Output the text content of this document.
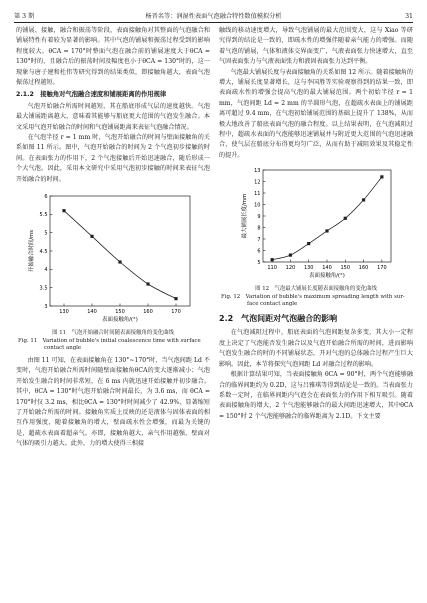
第 3 期	杨晋名等：润湿性表面气泡融合特性数值模拟分析	31
的铺展、接触，融合和振荡等阶段，表面接触角对其整面的气泡融合和铺展特性有着较为显著的影响。其中气泡的铺展和振荡过程受到的影响程度较大。θCA = 170°时整面气泡在融合前的铺展速度大于θCA = 130°时的，且融合后的振荡时间及幅度也小于θCA = 130°时的，这一现象与唐子建和杜伟等研究得到的结果类似，即接触角越大，表面气泡振荡过程越短。
2.1.2　接触角对气泡融合速度和铺展距离的作用规律
气泡开始融合所需时间越短，其在船底形成气层的速度越快。气泡最大铺展距离越大，意味着其能够与船底更大范围的气泡发生融合。本文采用气泡开始融合的时间和气泡铺展距离来表征气泡融合情况。
在气泡半径 r = 1 mm 时，气泡开始融合的时间与壁面接触角的关系如图 11 所示。图中，气泡开始融合的时间为 2 个气泡初步接触的时间。在表面张力的作用下，2 个气泡接触后开始迅速融合，随后形成一个大气泡。因此，采用本文研究中采用气泡初步接触的时间来表征气泡开始融合的时间。
130	140	150	160	170
3
3.5
4
4.5
5
5.5
6
表面接触角/(°)
开始融合时间/ms
图 11　气泡开始融合时间随表面接触角的变化曲线
Fig. 11　Variation of bubble's initial coalescence time with surface
contact angle
由图 11 可知，在表面接触角在 130°~170°时，当气泡间距 Ld 不变时，气泡开始融合所需时间随壁面接触角θCA的变大逐渐减小；气泡开始发生融合的时间非常短，在 6 ms 内就迅速开始接触并初步融合。其中，θCA = 130°时气泡开始融合时间最长，为 3.6 ms，而 θCA = 170°时仅 3.2 ms，相比θCA = 130°时时间减少了 42.9%，显著缩短了开始融合所需的时间。接触角实质上反映的还是液体与固体表面的相互作用强度，随着接触角的增大，壁面疏水性会增强，而最为关键的是，超疏水表面着超亲气。亦即，接触角越大，亲气作用越强，壁面对气体的吸引力越大。此外，力的增大使得三相接
触线的移动速度增大，导致气泡铺展的最大范围变大，这与 Xiao 等研究得到的结论是一致的，即疏水性的增强伴随着亲气能力的增强。而随着气泡的铺展，气体和液体交界面变广，气液表面张力快速增大，直至气固表面张力与气液表面张力和液固表面张力达到平衡。
气泡最大铺展长度与表面接触角的关系如图 12 所示。随着接触角的增大，铺展长度显著增长，这与李国胜等实验观察得到的结果一致，即表面疏水性的增强会提高气泡的最大铺展范围。两个初始半径 r = 1 mm，气泡间距 Ld = 2 mm 的半圆形气泡，在超疏水表面上的铺展距离可超过 9.4 mm，在气泡初始铺展范围的基础上提升了 138%，从而极大地改善了船底表面气泡的融合程度。以上结果表明，在气泡减阻过程中，超疏水表面的气泡能够迅速铺展并与附近更大范围的气泡迅速融合，使气层在船底分布得更均匀广泛，从而有助于减阻效果及其稳定性的提升。
110 120 130 140 150 160 170
5
6
7
8
9
10
11
12
13
表面接触角/(°)
最大铺展长度/mm
图 12　气泡最大铺展长度随表面接触角的变化曲线
Fig. 12　Variation of bubble's maximum spreading length with sur-
face contact angle
2.2　气泡间距对气泡融合的影响
在气泡减阻过程中，船底表面的气泡间距复杂多变，其大小一定程度上决定了气泡能否发生融合以及气泡开始融合所需的时间，进而影响气泡发生融合的时的不同铺展状态，开对气泡的总体融合过程产生巨大影响。因此，本节将探究气泡间距 Ld 对融合过程的影响。
根据计算结果可知，当表面接触角 θCA = 90°时，两个气泡能够融合的临界间距约为 0.2D，这与吕雅琪等得到结论是一致的。当表面张力系数一定时，在临界间距内气泡会在表面张力的作用下相互吸引。随着表面接触角的增大，2 个气泡能够融合的最大间距迅速增大，其中θCA = 150°时 2 个气泡能够融合的临界距离为 2.1D。下文主要
